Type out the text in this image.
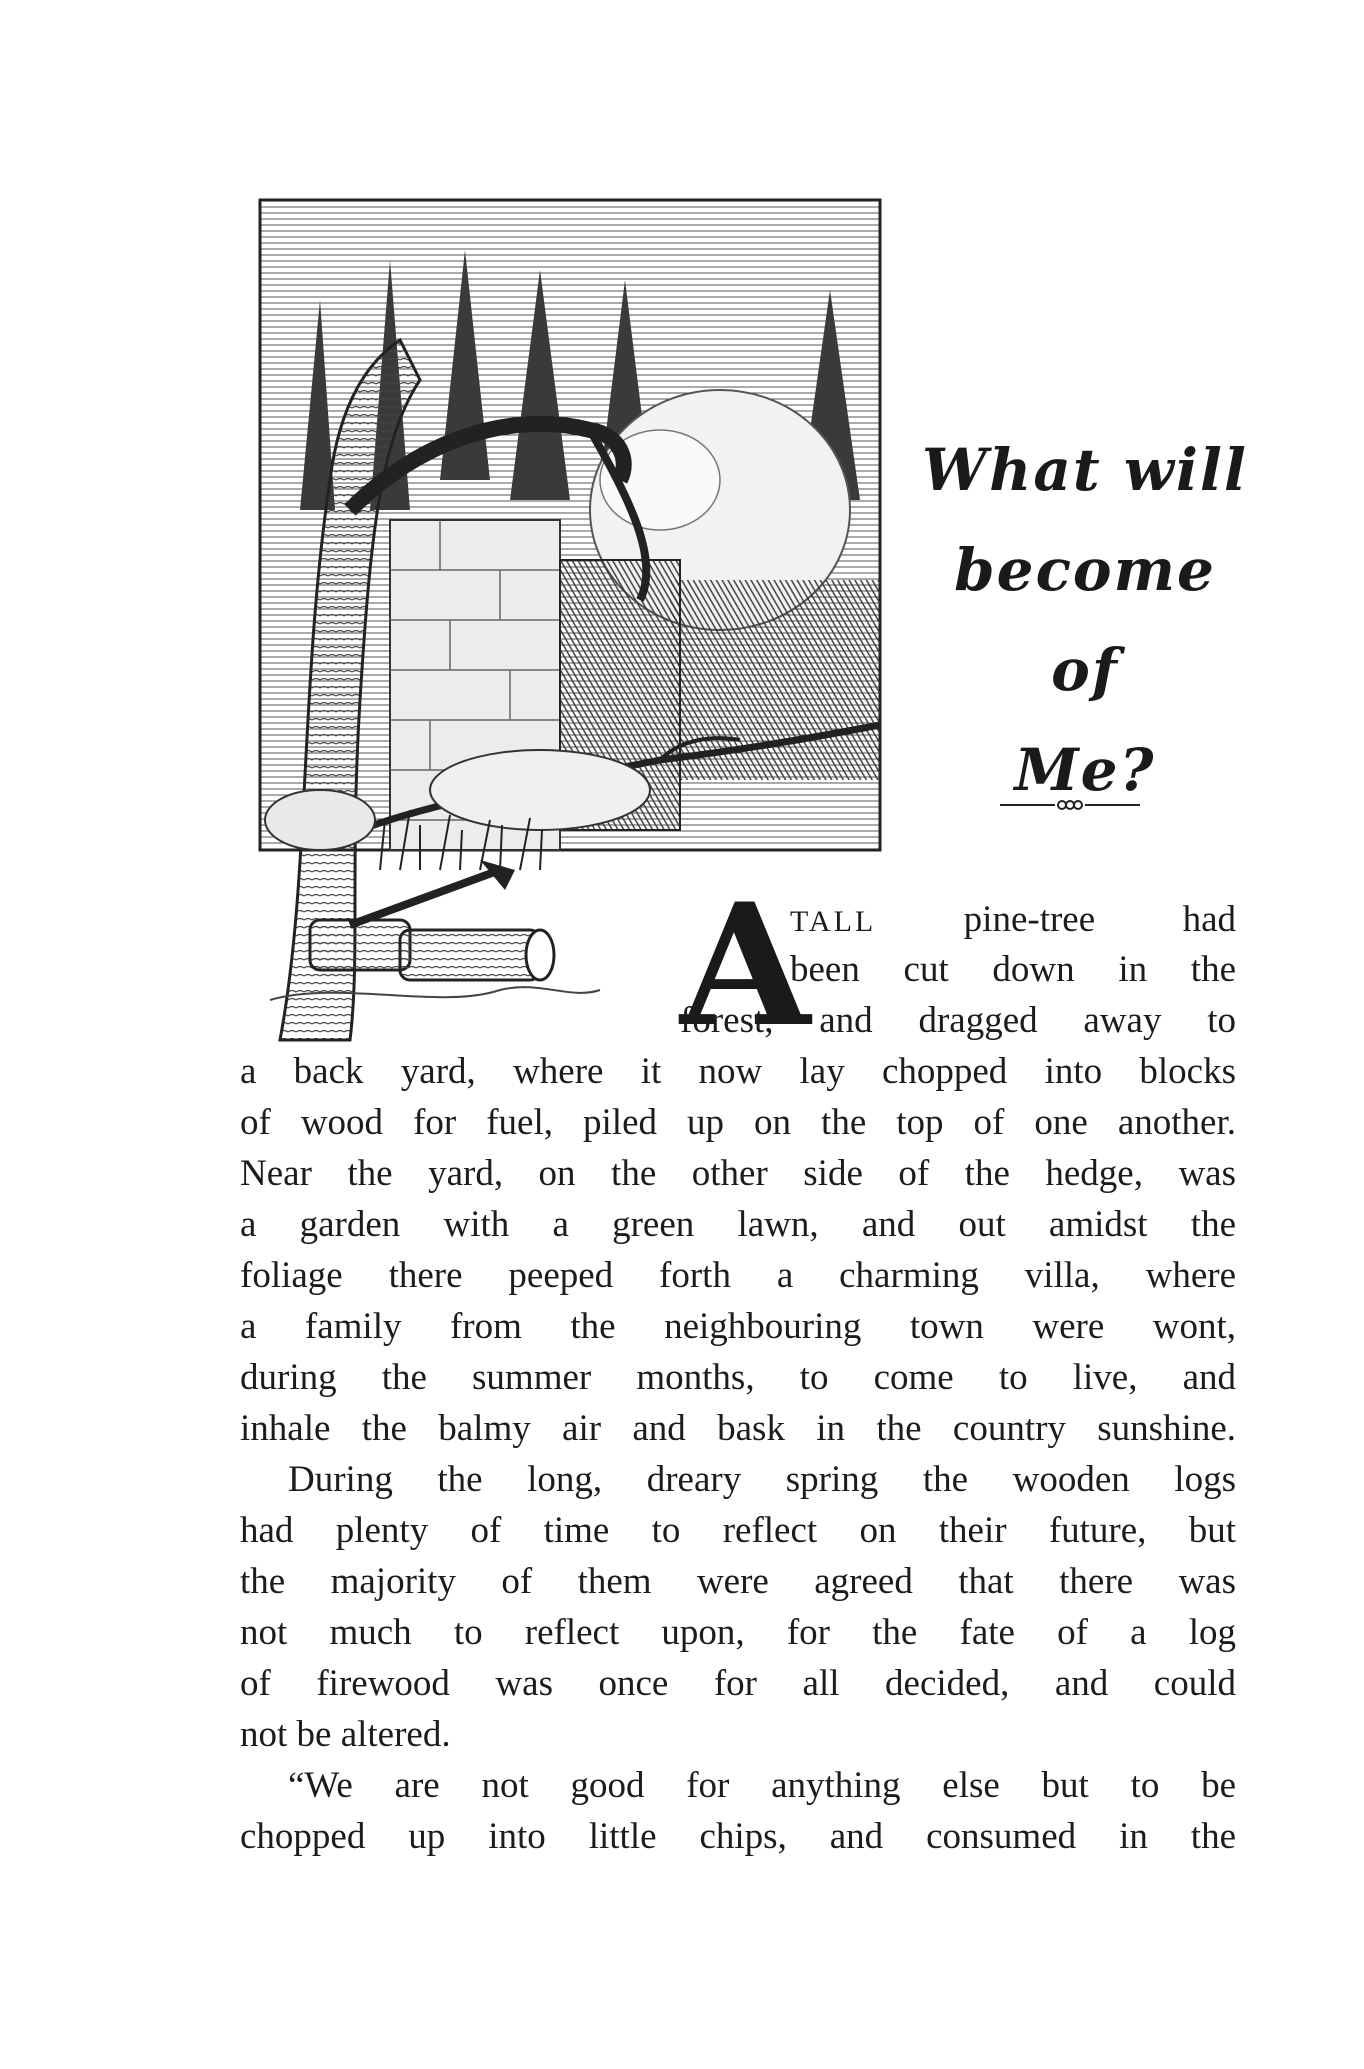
What will
become of
Me?
A
TALL pine-tree had
been cut down in the
forest, and dragged away to
a back yard, where it now lay chopped into blocks
of wood for fuel, piled up on the top of one another.
Near the yard, on the other side of the hedge, was
a garden with a green lawn, and out amidst the
foliage there peeped forth a charming villa, where
a family from the neighbouring town were wont,
during the summer months, to come to live, and
inhale the balmy air and bask in the country sunshine.
During the long, dreary spring the wooden logs
had plenty of time to reflect on their future, but
the majority of them were agreed that there was
not much to reflect upon, for the fate of a log
of firewood was once for all decided, and could
not be altered.
“We are not good for anything else but to be
chopped up into little chips, and consumed in the
